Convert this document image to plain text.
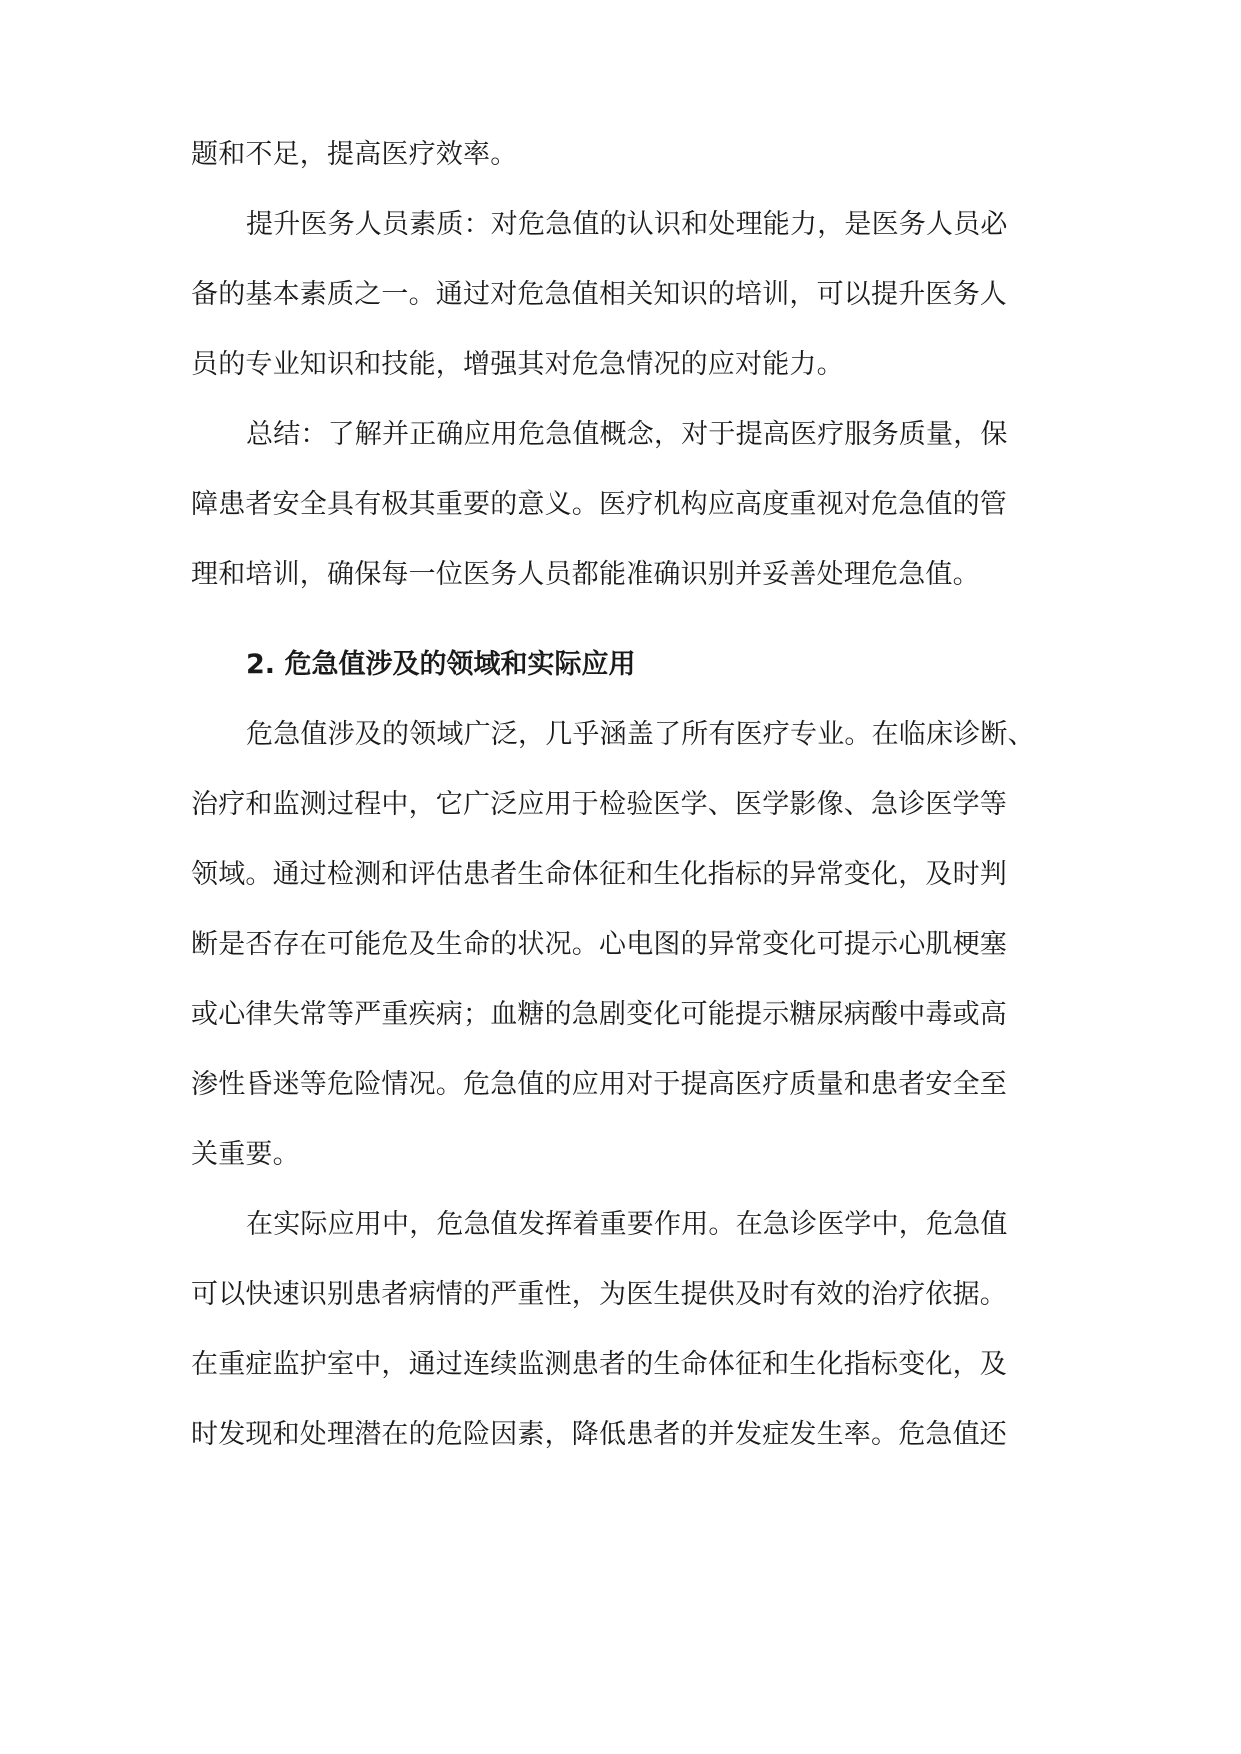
题和不足，提高医疗效率。
提升医务人员素质：对危急值的认识和处理能力，是医务人员必
备的基本素质之一。通过对危急值相关知识的培训，可以提升医务人
员的专业知识和技能，增强其对危急情况的应对能力。
总结：了解并正确应用危急值概念，对于提高医疗服务质量，保
障患者安全具有极其重要的意义。医疗机构应高度重视对危急值的管
理和培训，确保每一位医务人员都能准确识别并妥善处理危急值。
2. 危急值涉及的领域和实际应用
危急值涉及的领域广泛，几乎涵盖了所有医疗专业。在临床诊断、
治疗和监测过程中，它广泛应用于检验医学、医学影像、急诊医学等
领域。通过检测和评估患者生命体征和生化指标的异常变化，及时判
断是否存在可能危及生命的状况。心电图的异常变化可提示心肌梗塞
或心律失常等严重疾病；血糖的急剧变化可能提示糖尿病酸中毒或高
渗性昏迷等危险情况。危急值的应用对于提高医疗质量和患者安全至
关重要。
在实际应用中，危急值发挥着重要作用。在急诊医学中，危急值
可以快速识别患者病情的严重性，为医生提供及时有效的治疗依据。
在重症监护室中，通过连续监测患者的生命体征和生化指标变化，及
时发现和处理潜在的危险因素，降低患者的并发症发生率。危急值还
